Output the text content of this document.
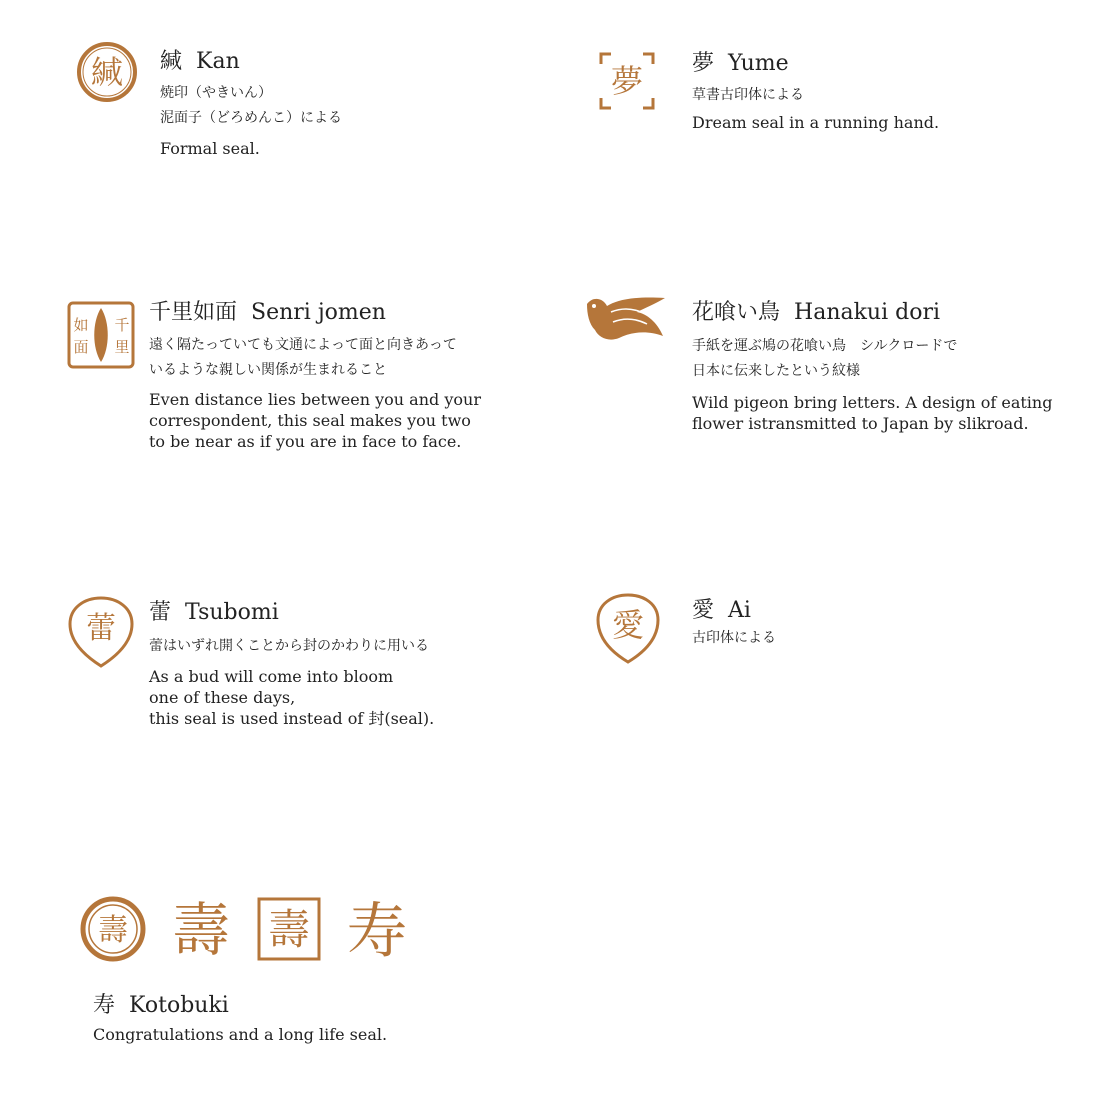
緘 緘 Kan
焼印（やきいん）
泥面子（どろめんこ）による
Formal seal.
夢 夢 Yume
草書古印体による
Dream seal in a running hand.
千
里
如
面
千里如面 Senri jomen
遠く隔たっていても文通によって面と向きあって
いるような親しい関係が生まれること
Even distance lies between you and your
correspondent, this seal makes you two
to be near as if you are in face to face.
花喰い鳥 Hanakui dori
手紙を運ぶ鳩の花喰い鳥　シルクロードで
日本に伝来したという紋様
Wild pigeon bring letters. A design of eating
flower istransmitted to Japan by slikroad.
蕾 蕾 Tsubomi
蕾はいずれ開くことから封のかわりに用いる
As a bud will come into bloom
one of these days,
this seal is used instead of 封(seal).
愛 愛 Ai
古印体による
壽 壽 壽 寿
寿 Kotobuki
Congratulations and a long life seal.
